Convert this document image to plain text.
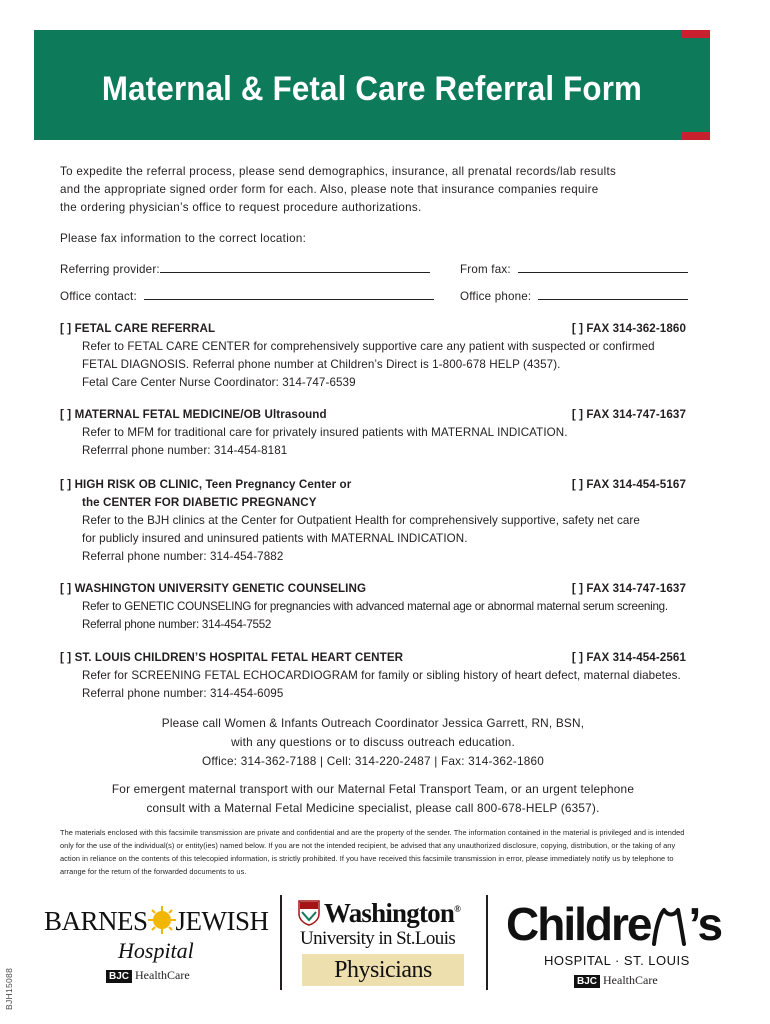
Maternal & Fetal Care Referral Form
To expedite the referral process, please send demographics, insurance, all prenatal records/lab results
and the appropriate signed order form for each. Also, please note that insurance companies require
the ordering physician’s office to request procedure authorizations.
Please fax information to the correct location:
Referring provider:	From fax:
Office contact:	Office phone:
[ ] FETAL CARE REFERRAL	[ ] FAX 314-362-1860
Refer to FETAL CARE CENTER for comprehensively supportive care any patient with suspected or confirmed
FETAL DIAGNOSIS. Referral phone number at Children’s Direct is 1-800-678 HELP (4357).
Fetal Care Center Nurse Coordinator: 314-747-6539
[ ] MATERNAL FETAL MEDICINE/OB Ultrasound	[ ] FAX 314-747-1637
Refer to MFM for traditional care for privately insured patients with MATERNAL INDICATION.
Referrral phone number: 314-454-8181
[ ] HIGH RISK OB CLINIC, Teen Pregnancy Center or	[ ] FAX 314-454-5167
the CENTER FOR DIABETIC PREGNANCY
Refer to the BJH clinics at the Center for Outpatient Health for comprehensively supportive, safety net care
for publicly insured and uninsured patients with MATERNAL INDICATION.
Referral phone number: 314-454-7882
[ ] WASHINGTON UNIVERSITY GENETIC COUNSELING	[ ] FAX 314-747-1637
Refer to GENETIC COUNSELING for pregnancies with advanced maternal age or abnormal maternal serum screening.
Referral phone number: 314-454-7552
[ ] ST. LOUIS CHILDREN’S HOSPITAL FETAL HEART CENTER	[ ] FAX 314-454-2561
Refer for SCREENING FETAL ECHOCARDIOGRAM for family or sibling history of heart defect, maternal diabetes.
Referral phone number: 314-454-6095
Please call Women & Infants Outreach Coordinator Jessica Garrett, RN, BSN,
with any questions or to discuss outreach education.
Office: 314-362-7188 | Cell: 314-220-2487 | Fax: 314-362-1860
For emergent maternal transport with our Maternal Fetal Transport Team, or an urgent telephone
consult with a Maternal Fetal Medicine specialist, please call 800-678-HELP (6357).
The materials enclosed with this facsimile transmission are private and confidential and are the property of the sender. The information contained in the material is privileged and is intended only for the use of the individual(s) or entity(ies) named below. If you are not the intended recipient, be advised that any unauthorized disclosure, copying, distribution, or the taking of any action in reliance on the contents of this telecopied information, is strictly prohibited. If you have received this facsimile transmission in error, please immediately notify us by telephone to arrange for the return of the forwarded documents to us.
BJH15088
BARNES JEWISH
Hospital
BJC HealthCare
Washington®
University in St.Louis
Physicians
Childre ’s
HOSPITAL · ST. LOUIS
BJC HealthCare
